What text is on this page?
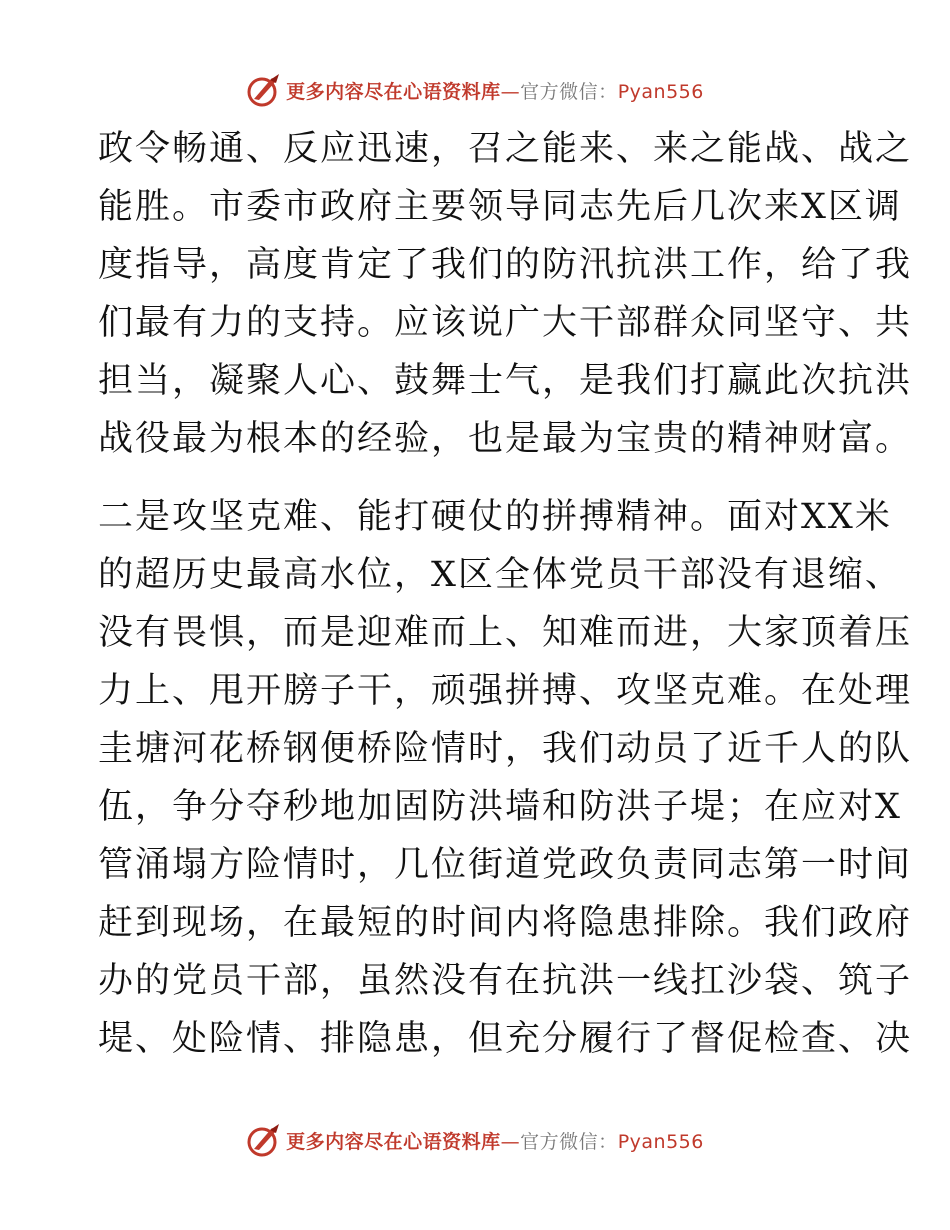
更多内容尽在心语资料库—官方微信：Pyan556
政令畅通、反应迅速，召之能来、来之能战、战之
能胜。市委市政府主要领导同志先后几次来X区调
度指导，高度肯定了我们的防汛抗洪工作，给了我
们最有力的支持。应该说广大干部群众同坚守、共
担当，凝聚人心、鼓舞士气，是我们打赢此次抗洪
战役最为根本的经验，也是最为宝贵的精神财富。
二是攻坚克难、能打硬仗的拼搏精神。面对XX米
的超历史最高水位，X区全体党员干部没有退缩、
没有畏惧，而是迎难而上、知难而进，大家顶着压
力上、甩开膀子干，顽强拼搏、攻坚克难。在处理
圭塘河花桥钢便桥险情时，我们动员了近千人的队
伍，争分夺秒地加固防洪墙和防洪子堤；在应对X
管涌塌方险情时，几位街道党政负责同志第一时间
赶到现场，在最短的时间内将隐患排除。我们政府
办的党员干部，虽然没有在抗洪一线扛沙袋、筑子
堤、处险情、排隐患，但充分履行了督促检查、决
更多内容尽在心语资料库—官方微信：Pyan556
